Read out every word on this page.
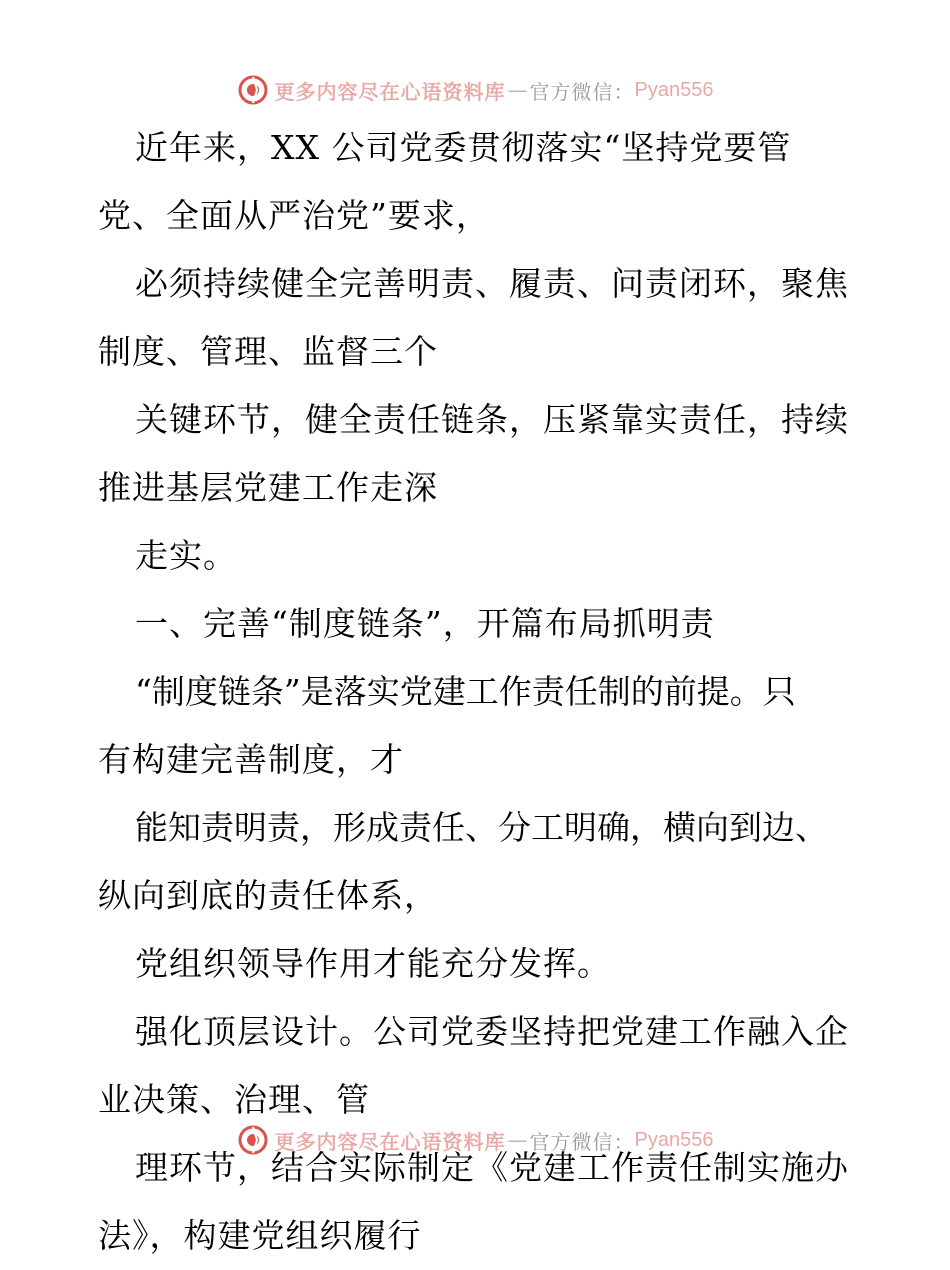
更多内容尽在心语资料库 — 官方微信： Pyan556
近年来，XX 公司党委贯彻落实“坚持党要管
党、全面从严治党”要求，
必须持续健全完善明责、履责、问责闭环，聚焦
制度、管理、监督三个
关键环节，健全责任链条，压紧靠实责任，持续
推进基层党建工作走深
走实。
一、完善“制度链条”，开篇布局抓明责
“制度链条”是落实党建工作责任制的前提。只
有构建完善制度，才
能知责明责，形成责任、分工明确，横向到边、
纵向到底的责任体系，
党组织领导作用才能充分发挥。
强化顶层设计。公司党委坚持把党建工作融入企
业决策、治理、管
理环节，结合实际制定《党建工作责任制实施办
法》，构建党组织履行
更多内容尽在心语资料库 — 官方微信： Pyan556
